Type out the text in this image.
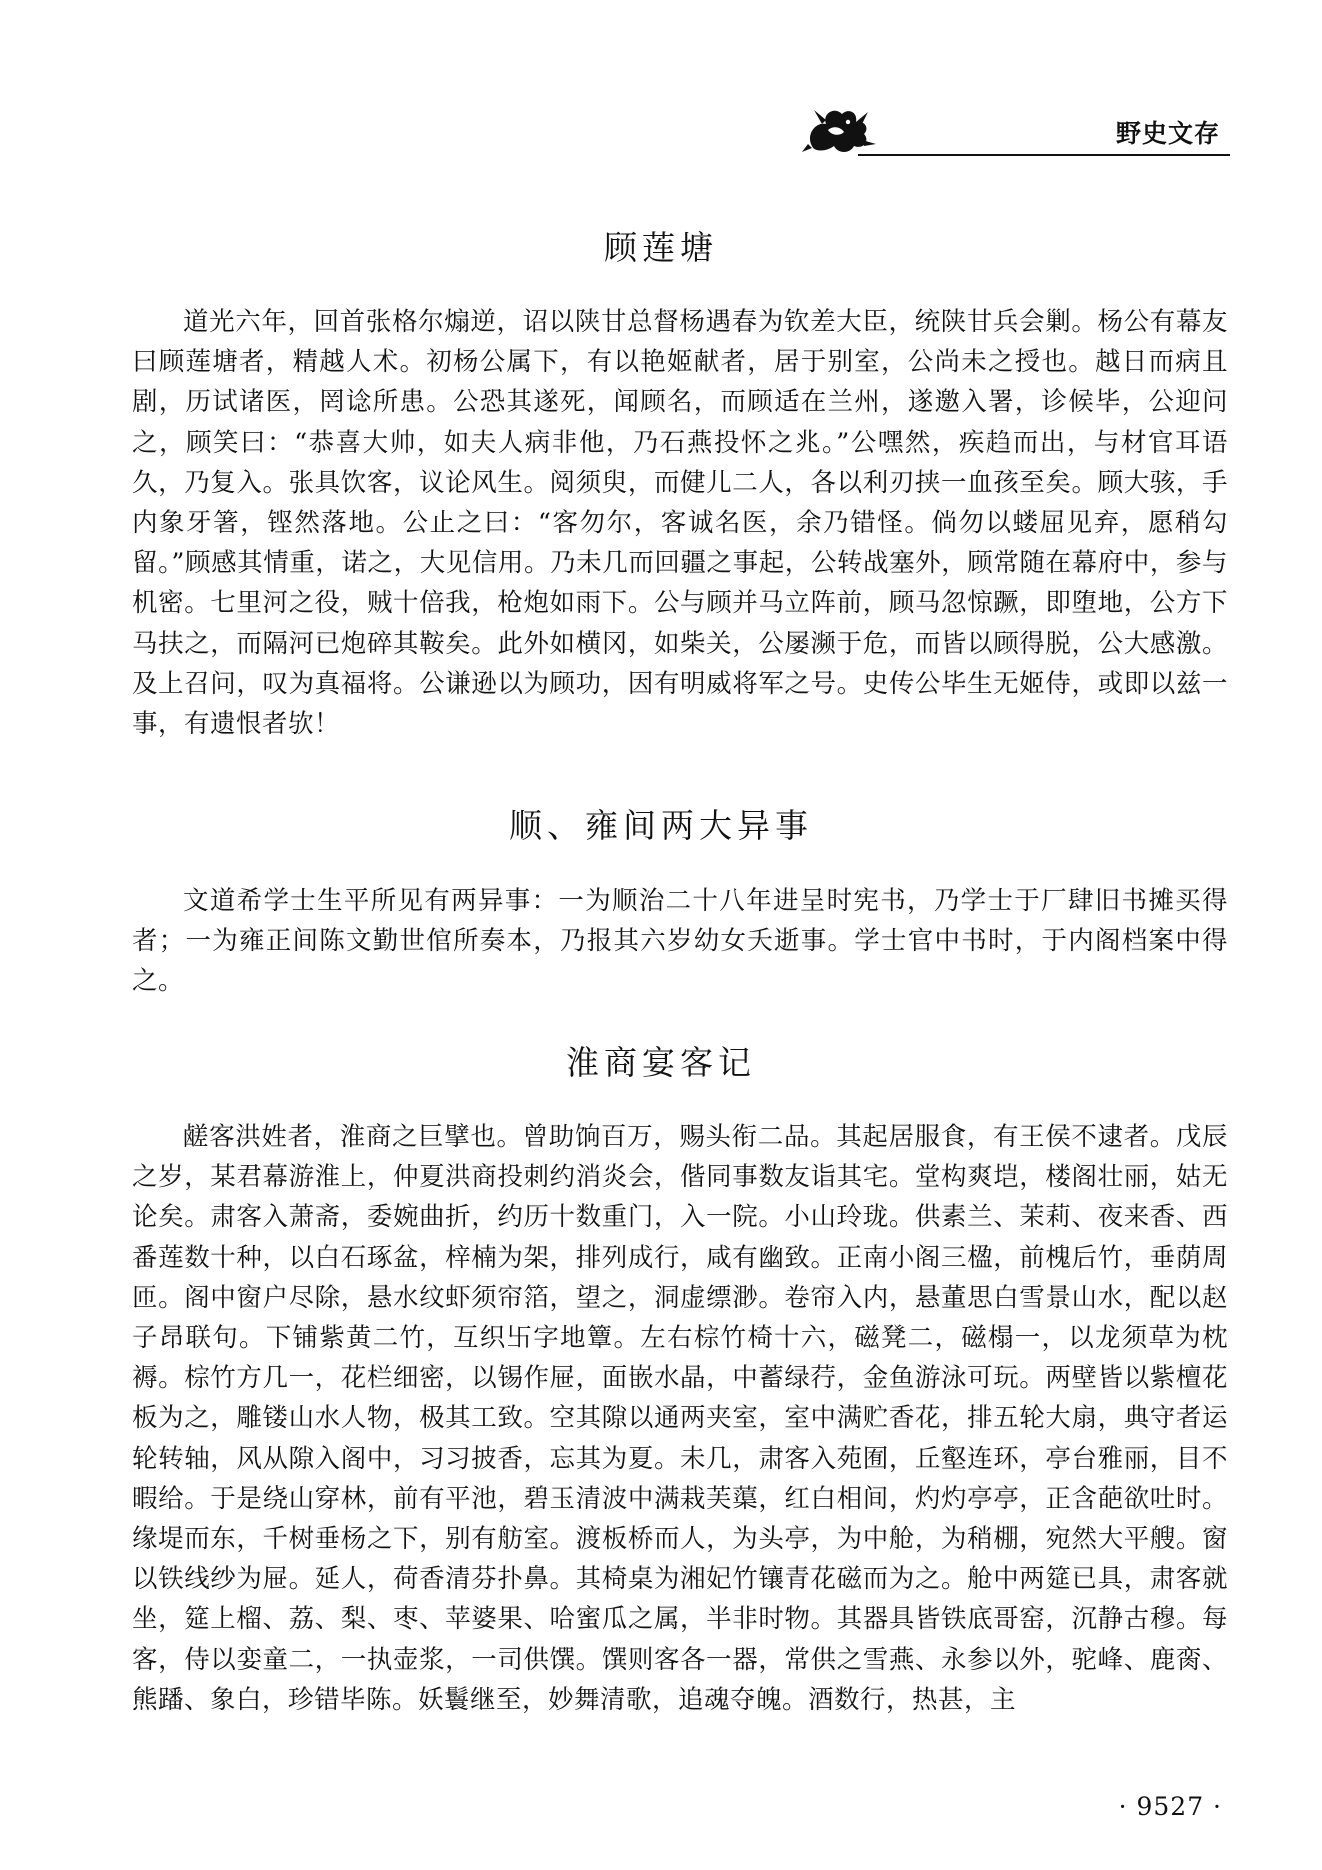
野史文存
顾莲塘

道光六年，回首张格尔煽逆，诏以陕甘总督杨遇春为钦差大臣，统陕甘兵会剿。杨公有幕友曰顾莲塘者，精越人术。初杨公属下，有以艳姬献者，居于别室，公尚未之授也。越日而病且剧，历试诸医，罔谂所患。公恐其遂死，闻顾名，而顾适在兰州，遂邀入署，诊候毕，公迎问之，顾笑曰：“恭喜大帅，如夫人病非他，乃石燕投怀之兆。”公嘿然，疾趋而出，与材官耳语久，乃复入。张具饮客，议论风生。阅须臾，而健儿二人，各以利刃挟一血孩至矣。顾大骇，手内象牙箸，铿然落地。公止之曰：“客勿尔，客诚名医，余乃错怪。倘勿以蝼屈见弃，愿稍勾留。”顾感其情重，诺之，大见信用。乃未几而回疆之事起，公转战塞外，顾常随在幕府中，参与机密。七里河之役，贼十倍我，枪炮如雨下。公与顾并马立阵前，顾马忽惊蹶，即堕地，公方下马扶之，而隔河已炮碎其鞍矣。此外如横冈，如柴关，公屡濒于危，而皆以顾得脱，公大感激。及上召问，叹为真福将。公谦逊以为顾功，因有明威将军之号。史传公毕生无姬侍，或即以兹一事，有遗恨者欤！

顺、雍间两大异事

文道希学士生平所见有两异事：一为顺治二十八年进呈时宪书，乃学士于厂肆旧书摊买得者；一为雍正间陈文勤世倌所奏本，乃报其六岁幼女夭逝事。学士官中书时，于内阁档案中得之。

淮商宴客记

鹾客洪姓者，淮商之巨擘也。曾助饷百万，赐头衔二品。其起居服食，有王侯不逮者。戊辰之岁，某君幕游淮上，仲夏洪商投刺约消炎会，偕同事数友诣其宅。堂构爽垲，楼阁壮丽，姑无论矣。肃客入萧斋，委婉曲折，约历十数重门，入一院。小山玲珑。供素兰、茉莉、夜来香、西番莲数十种，以白石琢盆，梓楠为架，排列成行，咸有幽致。正南小阁三楹，前槐后竹，垂荫周匝。阁中窗户尽除，悬水纹虾须帘箔，望之，洞虚缥渺。卷帘入内，悬董思白雪景山水，配以赵子昂联句。下铺紫黄二竹，互织卐字地簟。左右棕竹椅十六，磁凳二，磁榻一，以龙须草为枕褥。棕竹方几一，花栏细密，以锡作屉，面嵌水晶，中蓄绿荇，金鱼游泳可玩。两壁皆以紫檀花板为之，雕镂山水人物，极其工致。空其隙以通两夹室，室中满贮香花，排五轮大扇，典守者运轮转轴，风从隙入阁中，习习披香，忘其为夏。未几，肃客入苑囿，丘壑连环，亭台雅丽，目不暇给。于是绕山穿林，前有平池，碧玉清波中满栽芙蕖，红白相间，灼灼亭亭，正含葩欲吐时。缘堤而东，千树垂杨之下，别有舫室。渡板桥而人，为头亭，为中舱，为稍棚，宛然大平艘。窗以铁线纱为屉。延人，荷香清芬扑鼻。其椅桌为湘妃竹镶青花磁而为之。舱中两筵已具，肃客就坐，筵上榴、荔、梨、枣、苹婆果、哈蜜瓜之属，半非时物。其器具皆铁底哥窑，沉静古穆。每客，侍以娈童二，一执壶浆，一司供馔。馔则客各一器，常供之雪燕、永参以外，驼峰、鹿脔、熊蹯、象白，珍错毕陈。妖鬟继至，妙舞清歌，追魂夺魄。酒数行，热甚，主

· 9527 ·
